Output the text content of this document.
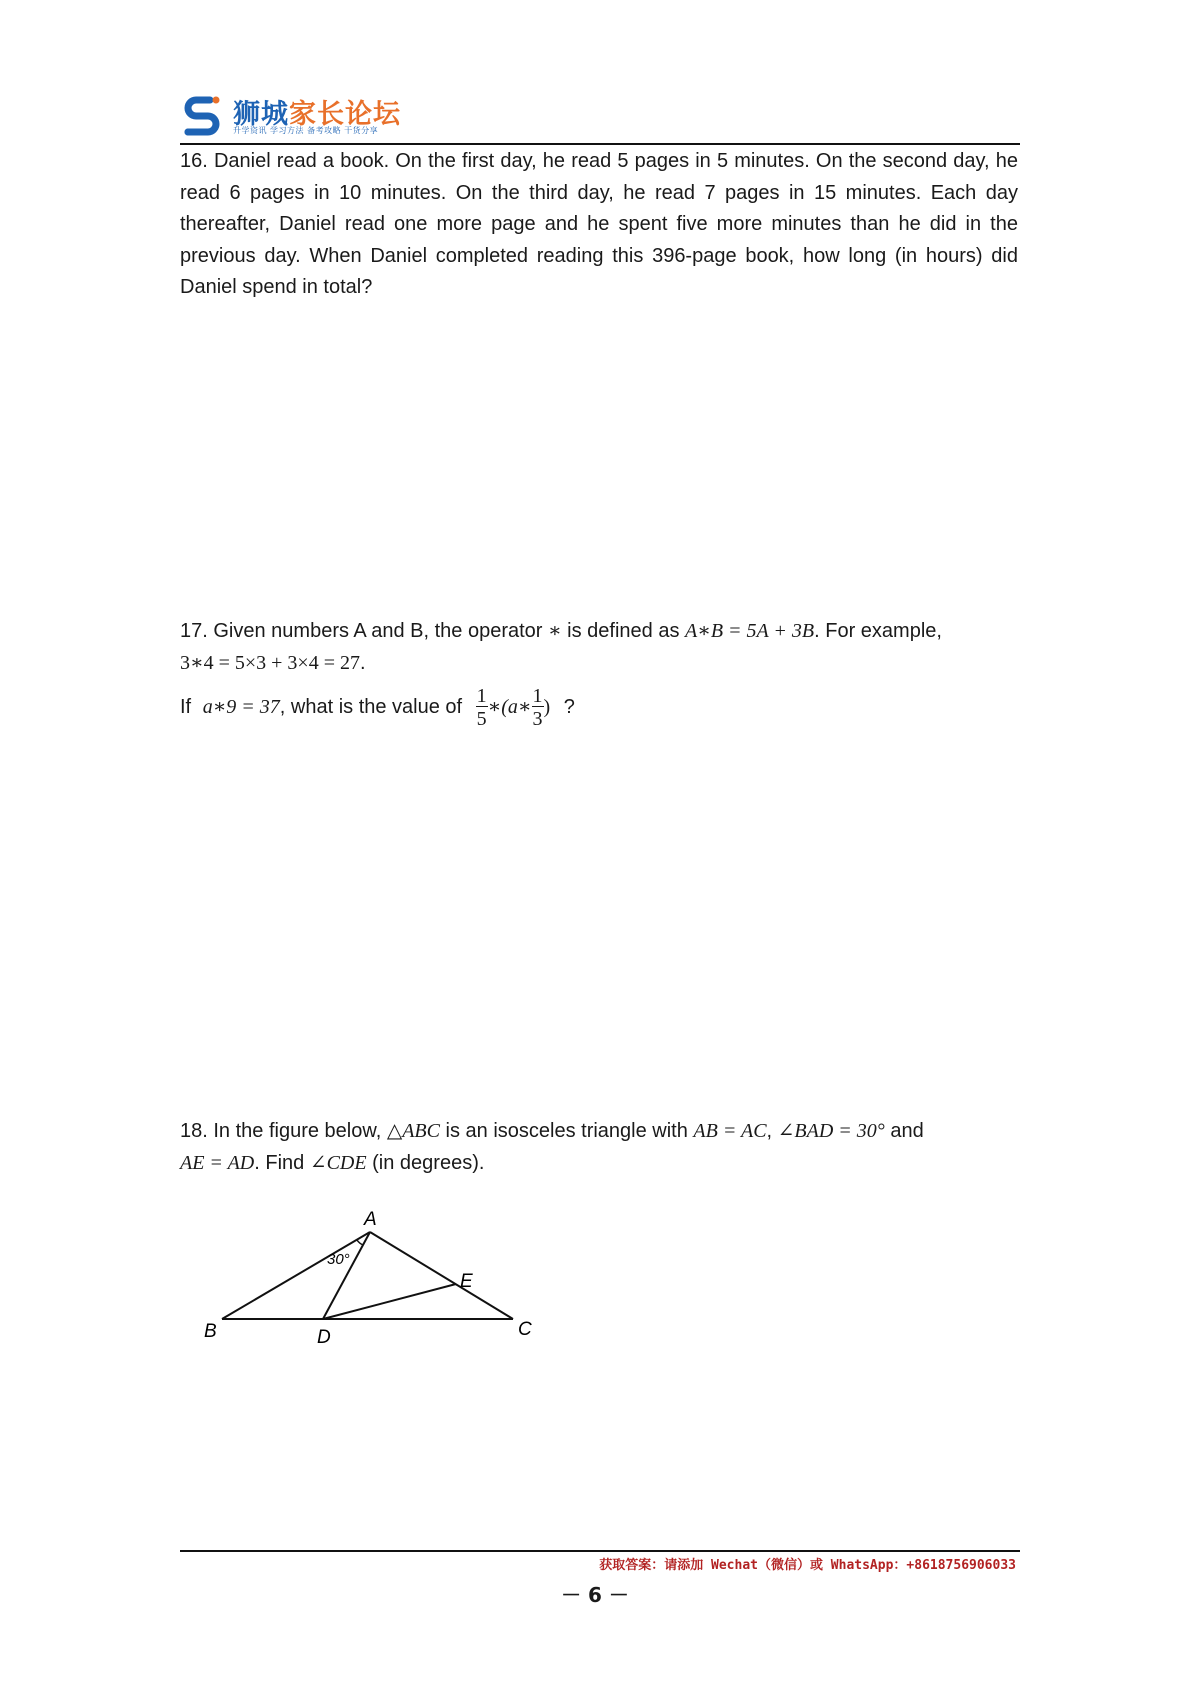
狮城家长论坛
升学资讯 学习方法 备考攻略 干货分享
16. Daniel read a book. On the first day, he read 5 pages in 5 minutes. On the second day, he read 6 pages in 10 minutes. On the third day, he read 7 pages in 15 minutes. Each day thereafter, Daniel read one more page and he spent five more minutes than he did in the previous day. When Daniel completed reading this 396-page book, how long (in hours) did Daniel spend in total?
17. Given numbers A and B, the operator ∗ is defined as A∗B = 5A + 3B. For example,
3∗4 = 5×3 + 3×4 = 27.
If a∗9 = 37, what is the value of $\frac{1}{5}$ ∗(a∗ $\frac{1}{3}$ ) ?
18. In the figure below, △ABC is an isosceles triangle with AB = AC, ∠BAD = 30° and
AE = AD. Find ∠CDE (in degrees).
A
B	C
D
E
30°
获取答案：请添加 Wechat（微信）或 WhatsApp：+8618756906033
－ 6 －
